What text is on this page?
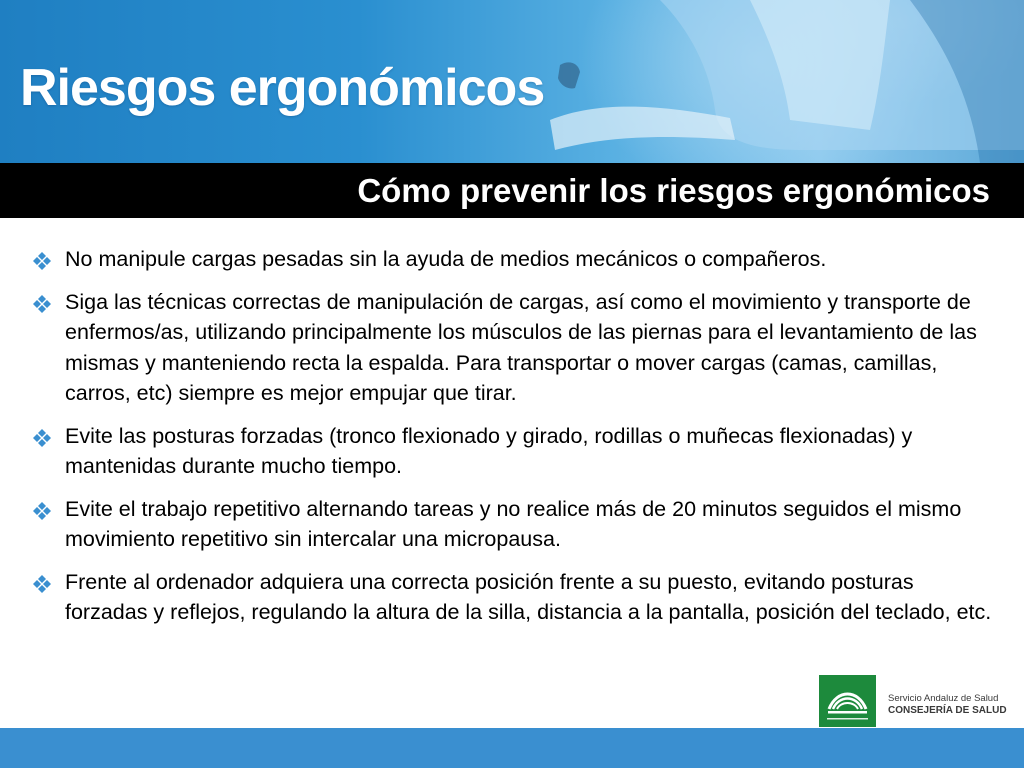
Riesgos ergonómicos
Cómo prevenir los riesgos ergonómicos
No manipule cargas pesadas sin la ayuda de medios mecánicos o compañeros.
Siga las técnicas correctas de manipulación de cargas, así como el movimiento y transporte de enfermos/as, utilizando principalmente los músculos de las piernas para el levantamiento de las mismas y manteniendo recta la espalda. Para transportar o mover cargas (camas, camillas, carros, etc) siempre es mejor empujar que tirar.
Evite las posturas forzadas (tronco flexionado y girado, rodillas o muñecas flexionadas) y mantenidas durante mucho tiempo.
Evite el trabajo repetitivo alternando tareas y no realice más de 20 minutos seguidos el mismo movimiento repetitivo sin intercalar una micropausa.
Frente al ordenador adquiera una correcta posición frente a su puesto, evitando posturas forzadas y reflejos, regulando la altura de la silla, distancia a la pantalla, posición del teclado, etc.
Servicio Andaluz de Salud
CONSEJERÍA DE SALUD
